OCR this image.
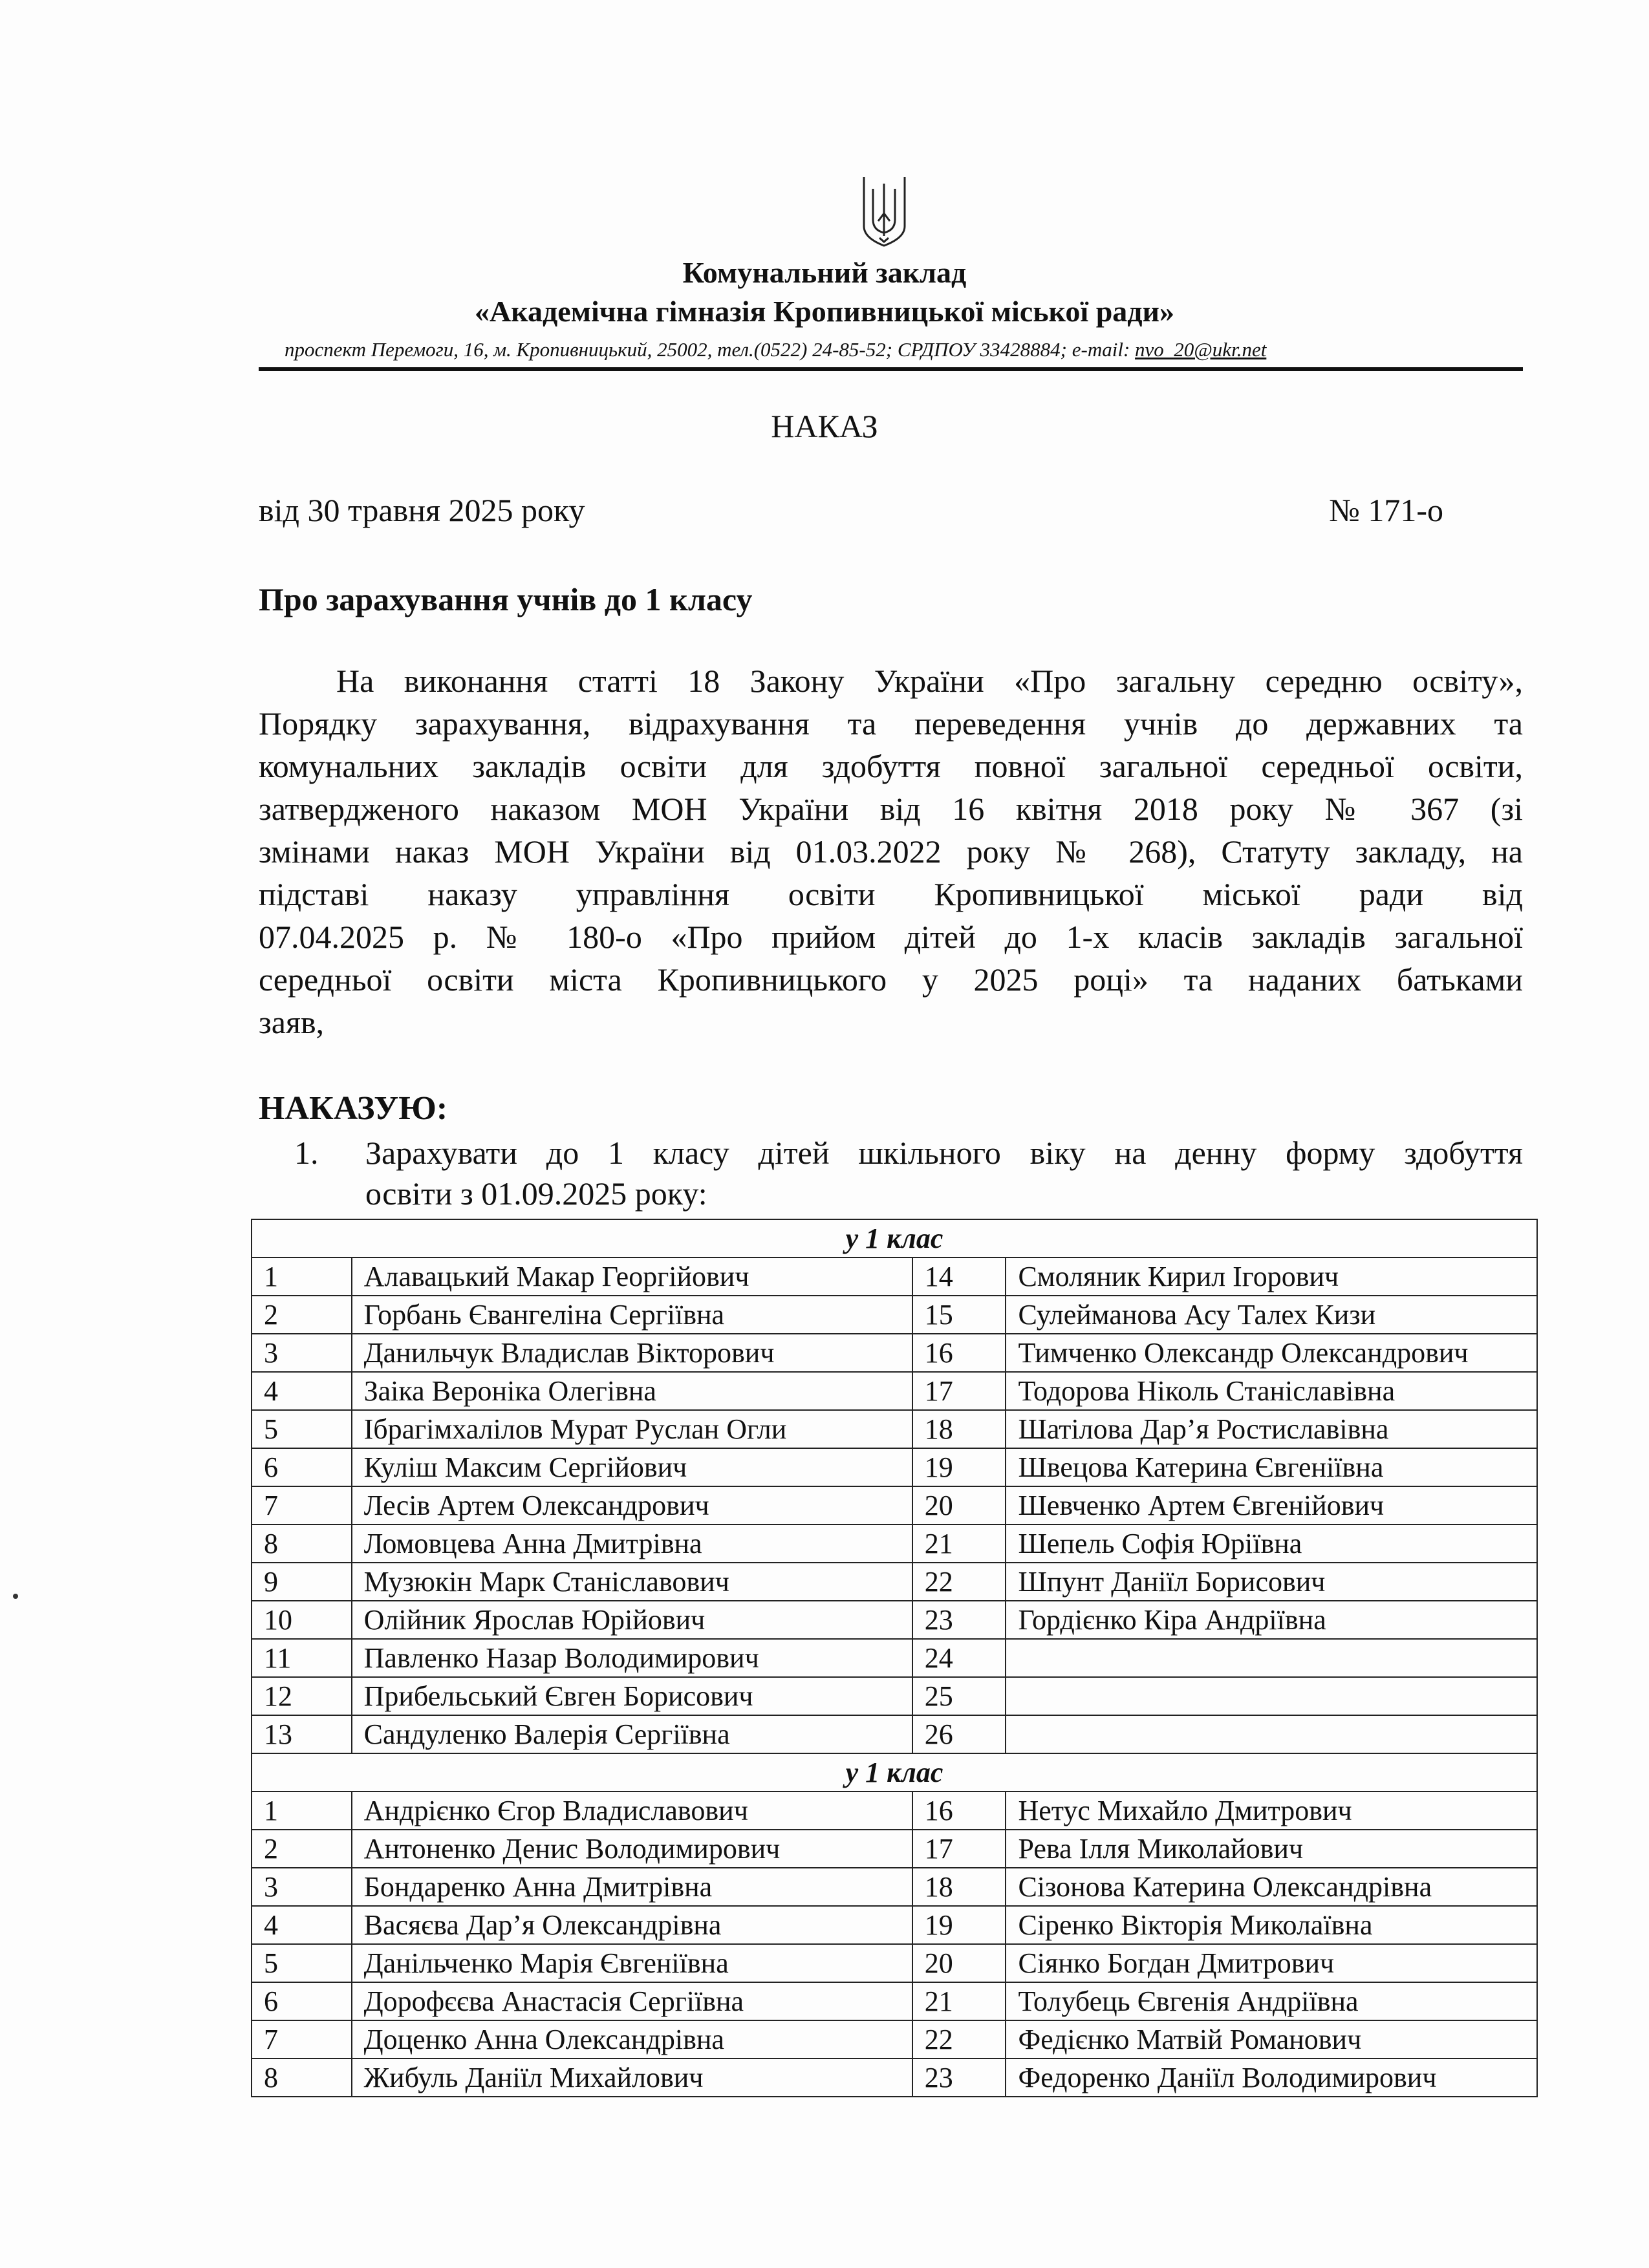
Комунальний заклад
«Академічна гімназія Кропивницької міської ради»
проспект Перемоги, 16, м. Кропивницький, 25002, тел.(0522) 24-85-52; СРДПОУ 33428884; e-mail: nvo_20@ukr.net
НАКАЗ
від 30 травня 2025 року	№ 171-о
Про зарахування учнів до 1 класу
На виконання статті 18 Закону України «Про загальну середню освіту»,
Порядку зарахування, відрахування та переведення учнів до державних та
комунальних закладів освіти для здобуття повної загальної середньої освіти,
затвердженого наказом МОН України від 16 квітня 2018 року № 367 (зі
змінами наказ МОН України від 01.03.2022 року № 268), Статуту закладу, на
підставі наказу управління освіти Кропивницької міської ради від
07.04.2025 р. № 180-о «Про прийом дітей до 1-х класів закладів загальної
середньої освіти міста Кропивницького у 2025 році» та наданих батьками
заяв,
НАКАЗУЮ:
1. Зарахувати до 1 класу дітей шкільного віку на денну форму здобуття
освіти з 01.09.2025 року:
у 1 клас			
1	Алавацький Макар Георгійович	14	Смоляник Кирил Ігорович
2	Горбань Євангеліна Сергіївна	15	Сулейманова Асу Талех Кизи
3	Данильчук Владислав Вікторович	16	Тимченко Олександр Олександрович
4	Заіка Вероніка Олегівна	17	Тодорова Ніколь Станіславівна
5	Ібрагімхалілов Мурат Руслан Огли	18	Шатілова Дар’я Ростиславівна
6	Куліш Максим Сергійович	19	Швецова Катерина Євгеніївна
7	Лесів Артем Олександрович	20	Шевченко Артем Євгенійович
8	Ломовцева Анна Дмитрівна	21	Шепель Софія Юріївна
9	Музюкін Марк Станіславович	22	Шпунт Даніїл Борисович
10	Олійник Ярослав Юрійович	23	Гордієнко Кіра Андріївна
11	Павленко Назар Володимирович	24	
12	Прибельський Євген Борисович	25	
13	Сандуленко Валерія Сергіївна	26	
у 1 клас			
1	Андрієнко Єгор Владиславович	16	Нетус Михайло Дмитрович
2	Антоненко Денис Володимирович	17	Рева Ілля Миколайович
3	Бондаренко Анна Дмитрівна	18	Сізонова Катерина Олександрівна
4	Васяєва Дар’я Олександрівна	19	Сіренко Вікторія Миколаївна
5	Данільченко Марія Євгеніївна	20	Сіянко Богдан Дмитрович
6	Дорофєєва Анастасія Сергіївна	21	Толубець Євгенія Андріївна
7	Доценко Анна Олександрівна	22	Федієнко Матвій Романович
8	Жибуль Даніїл Михайлович	23	Федоренко Даніїл Володимирович
